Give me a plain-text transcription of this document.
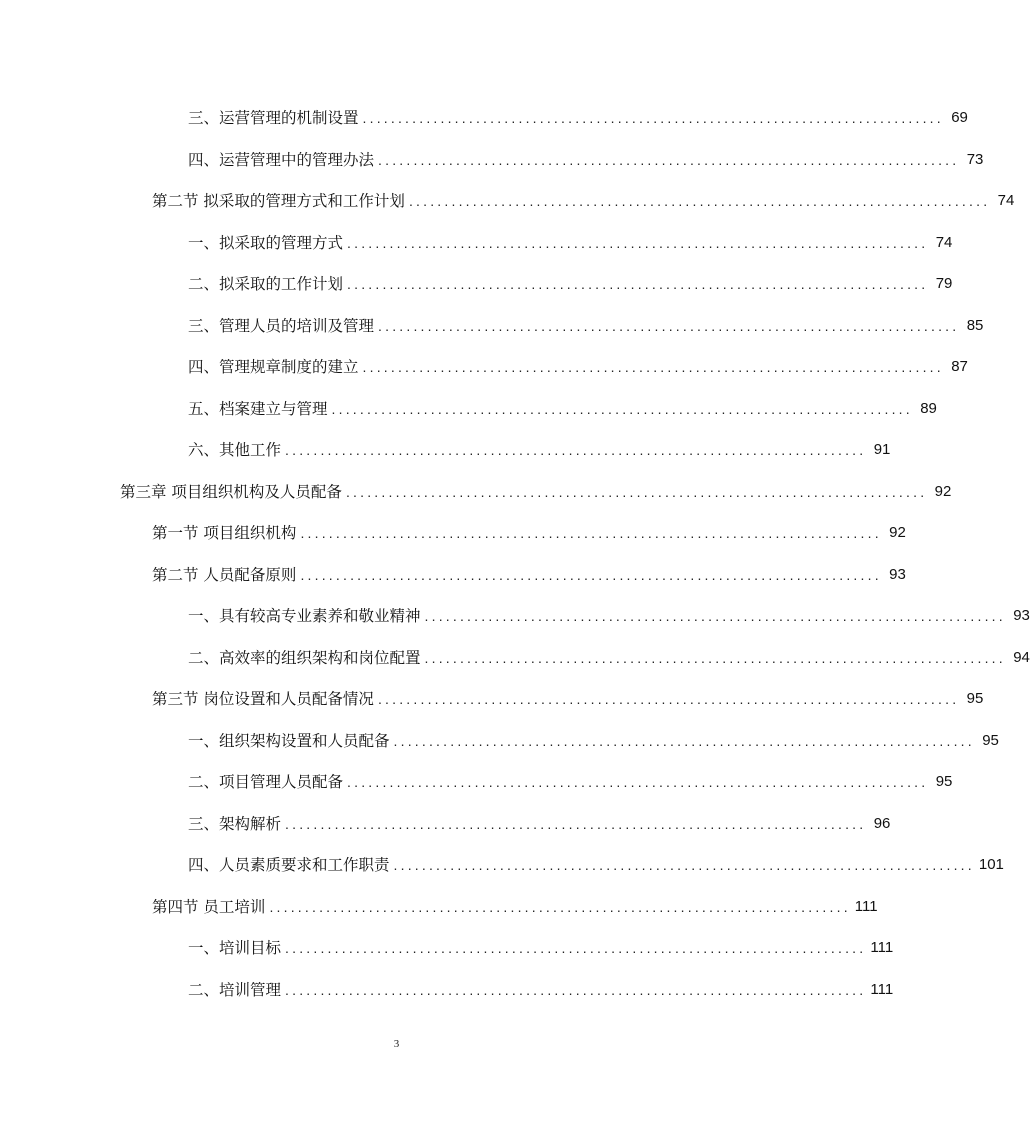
三、运营管理的机制设置 .................................................................................. 69
四、运营管理中的管理办法 .................................................................................. 73
第二节 拟采取的管理方式和工作计划 .................................................................................. 74
一、拟采取的管理方式 .................................................................................. 74
二、拟采取的工作计划 .................................................................................. 79
三、管理人员的培训及管理 .................................................................................. 85
四、管理规章制度的建立 .................................................................................. 87
五、档案建立与管理 .................................................................................. 89
六、其他工作 .................................................................................. 91
第三章 项目组织机构及人员配备 .................................................................................. 92
第一节 项目组织机构 .................................................................................. 92
第二节 人员配备原则 .................................................................................. 93
一、具有较高专业素养和敬业精神 .................................................................................. 93
二、高效率的组织架构和岗位配置 .................................................................................. 94
第三节 岗位设置和人员配备情况 .................................................................................. 95
一、组织架构设置和人员配备 .................................................................................. 95
二、项目管理人员配备 .................................................................................. 95
三、架构解析 .................................................................................. 96
四、人员素质要求和工作职责 .................................................................................. 101
第四节 员工培训 .................................................................................. 111
一、培训目标 .................................................................................. 111
二、培训管理 .................................................................................. 111
3
